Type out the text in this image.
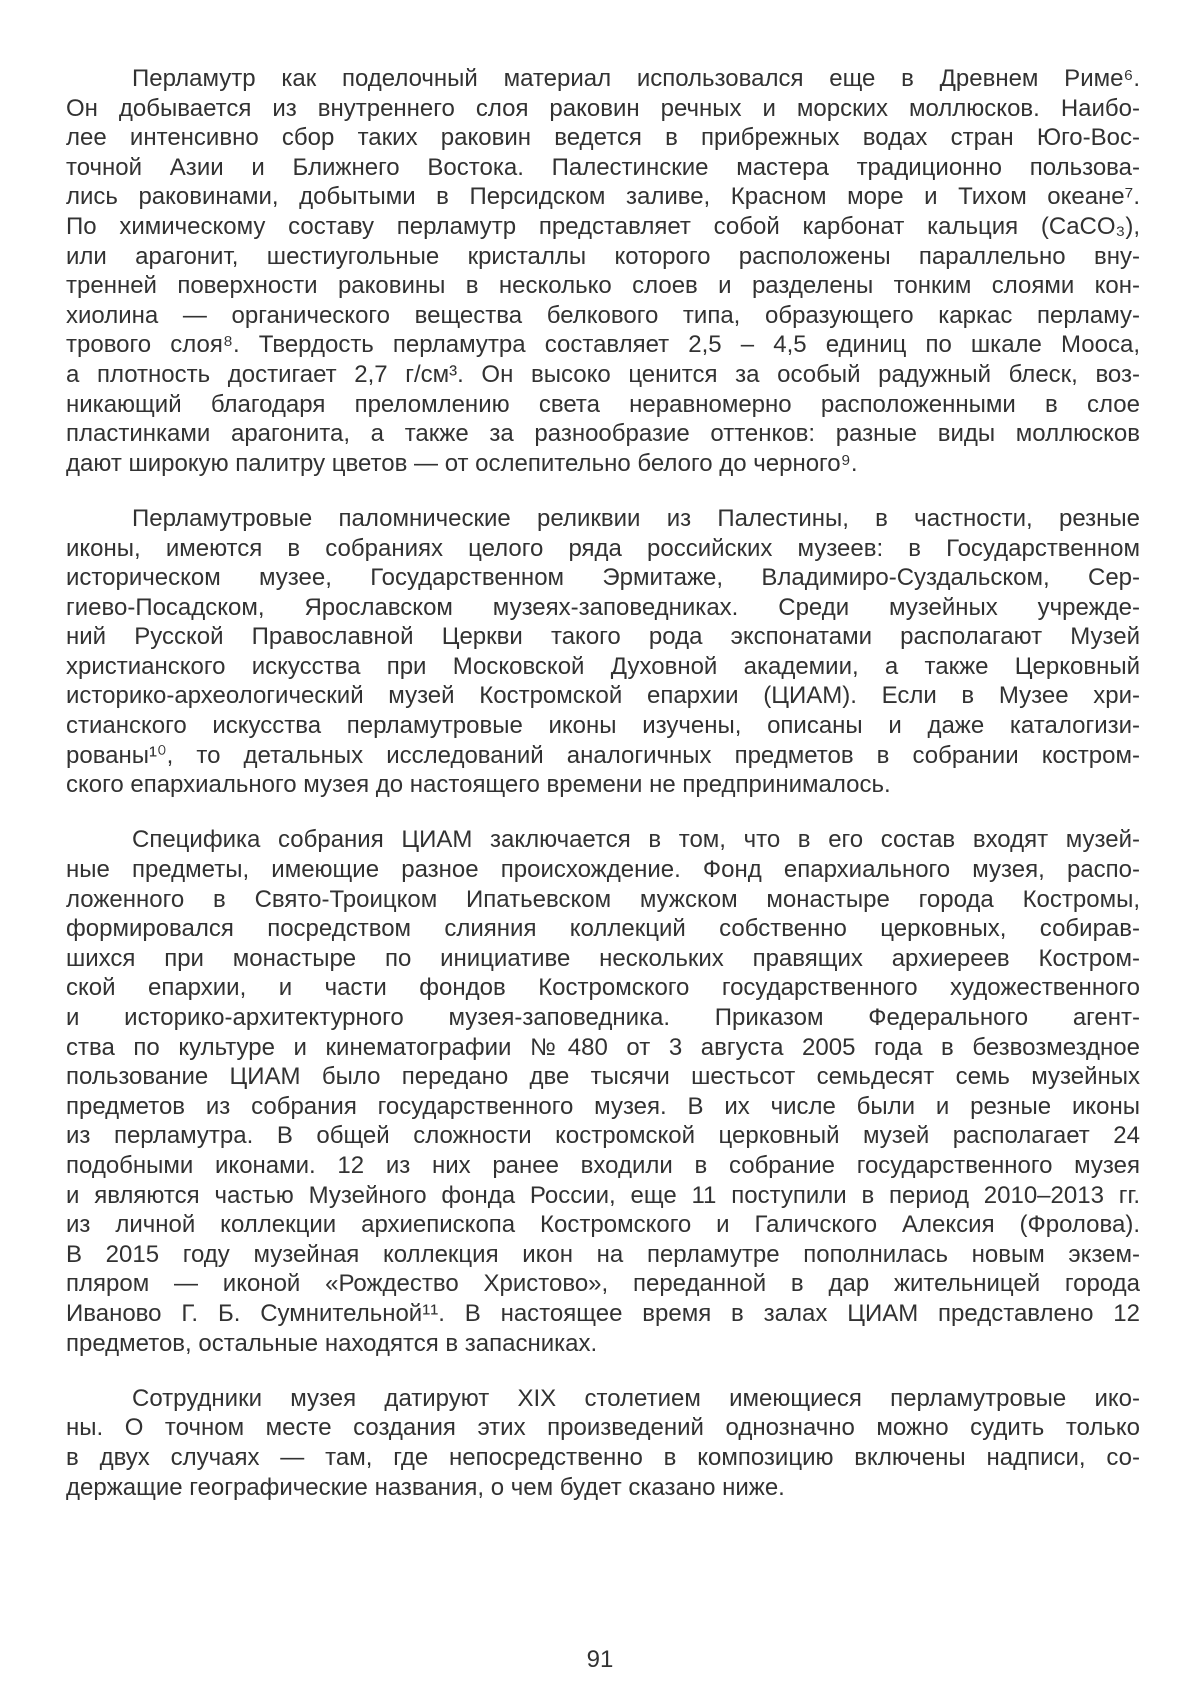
Перламутр как поделочный материал использовался еще в Древнем Риме⁶.
Он добывается из внутреннего слоя раковин речных и морских моллюсков. Наибо-
лее интенсивно сбор таких раковин ведется в прибрежных водах стран Юго-Вос-
точной Азии и Ближнего Востока. Палестинские мастера традиционно пользова-
лись раковинами, добытыми в Персидском заливе, Красном море и Тихом океане⁷.
По химическому составу перламутр представляет собой карбонат кальция (CaCO₃),
или арагонит, шестиугольные кристаллы которого расположены параллельно вну-
тренней поверхности раковины в несколько слоев и разделены тонким слоями кон-
хиолина — органического вещества белкового типа, образующего каркас перламу-
трового слоя⁸. Твердость перламутра составляет 2,5 – 4,5 единиц по шкале Мооса,
а плотность достигает 2,7 г/см³. Он высоко ценится за особый радужный блеск, воз-
никающий благодаря преломлению света неравномерно расположенными в слое
пластинками арагонита, а также за разнообразие оттенков: разные виды моллюсков
дают широкую палитру цветов — от ослепительно белого до черного⁹.
Перламутровые паломнические реликвии из Палестины, в частности, резные
иконы, имеются в собраниях целого ряда российских музеев: в Государственном
историческом музее, Государственном Эрмитаже, Владимиро-Суздальском, Сер-
гиево-Посадском, Ярославском музеях-заповедниках. Среди музейных учрежде-
ний Русской Православной Церкви такого рода экспонатами располагают Музей
христианского искусства при Московской Духовной академии, а также Церковный
историко-археологический музей Костромской епархии (ЦИАМ). Если в Музее хри-
стианского искусства перламутровые иконы изучены, описаны и даже каталогизи-
рованы¹⁰, то детальных исследований аналогичных предметов в собрании костром-
ского епархиального музея до настоящего времени не предпринималось.
Специфика собрания ЦИАМ заключается в том, что в его состав входят музей-
ные предметы, имеющие разное происхождение. Фонд епархиального музея, распо-
ложенного в Свято-Троицком Ипатьевском мужском монастыре города Костромы,
формировался посредством слияния коллекций собственно церковных, собирав-
шихся при монастыре по инициативе нескольких правящих архиереев Костром-
ской епархии, и части фондов Костромского государственного художественного
и историко-архитектурного музея-заповедника. Приказом Федерального агент-
ства по культуре и кинематографии №480 от 3 августа 2005 года в безвозмездное
пользование ЦИАМ было передано две тысячи шестьсот семьдесят семь музейных
предметов из собрания государственного музея. В их числе были и резные иконы
из перламутра. В общей сложности костромской церковный музей располагает 24
подобными иконами. 12 из них ранее входили в собрание государственного музея
и являются частью Музейного фонда России, еще 11 поступили в период 2010–2013 гг.
из личной коллекции архиепископа Костромского и Галичского Алексия (Фролова).
В 2015 году музейная коллекция икон на перламутре пополнилась новым экзем-
пляром — иконой «Рождество Христово», переданной в дар жительницей города
Иваново Г. Б. Сумнительной¹¹. В настоящее время в залах ЦИАМ представлено 12
предметов, остальные находятся в запасниках.
Сотрудники музея датируют XIX столетием имеющиеся перламутровые ико-
ны. О точном месте создания этих произведений однозначно можно судить только
в двух случаях — там, где непосредственно в композицию включены надписи, со-
держащие географические названия, о чем будет сказано ниже.
91
